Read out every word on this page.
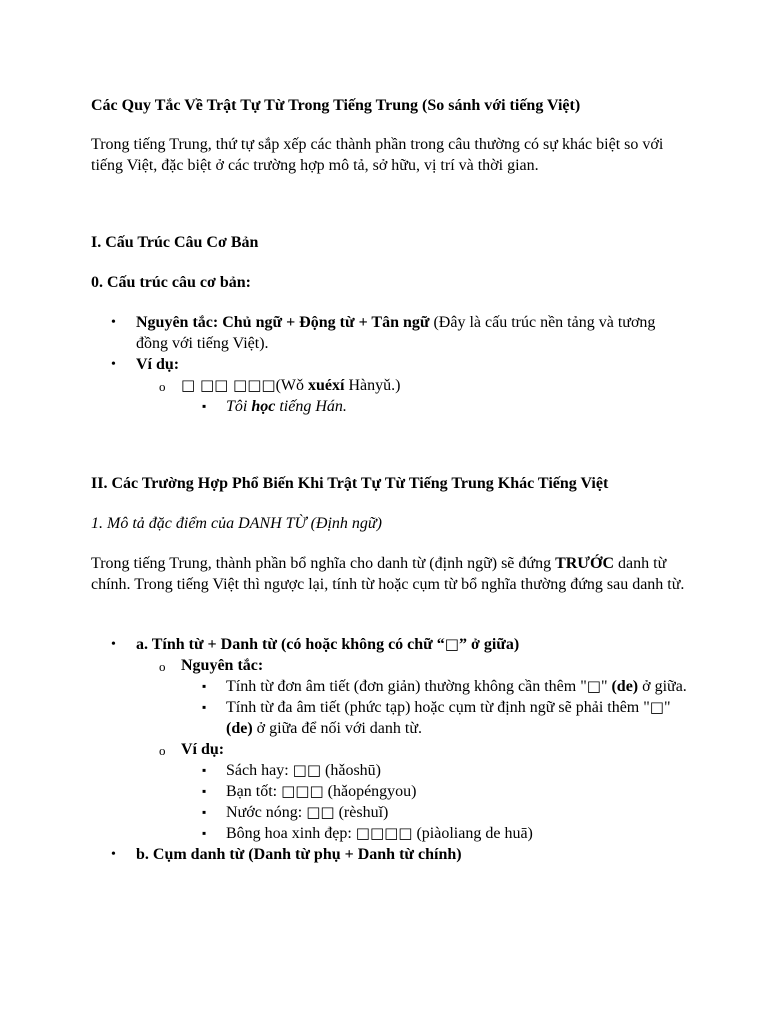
Các Quy Tắc Về Trật Tự Từ Trong Tiếng Trung (So sánh với tiếng Việt)
Trong tiếng Trung, thứ tự sắp xếp các thành phần trong câu thường có sự khác biệt so với tiếng Việt, đặc biệt ở các trường hợp mô tả, sở hữu, vị trí và thời gian.
I. Cấu Trúc Câu Cơ Bản
0. Cấu trúc câu cơ bản:
• Nguyên tắc: Chủ ngữ + Động từ + Tân ngữ (Đây là cấu trúc nền tảng và tương đồng với tiếng Việt).
• Ví dụ:
o □ □□ □□□(Wǒ xuéxí Hànyǔ.)
▪ Tôi học tiếng Hán.
II. Các Trường Hợp Phổ Biến Khi Trật Tự Từ Tiếng Trung Khác Tiếng Việt
1. Mô tả đặc điểm của DANH TỪ (Định ngữ)
Trong tiếng Trung, thành phần bổ nghĩa cho danh từ (định ngữ) sẽ đứng TRƯỚC danh từ chính. Trong tiếng Việt thì ngược lại, tính từ hoặc cụm từ bổ nghĩa thường đứng sau danh từ.
• a. Tính từ + Danh từ (có hoặc không có chữ “□” ở giữa)
o Nguyên tắc:
▪ Tính từ đơn âm tiết (đơn giản) thường không cần thêm "□" (de) ở giữa.
▪ Tính từ đa âm tiết (phức tạp) hoặc cụm từ định ngữ sẽ phải thêm "□" (de) ở giữa để nối với danh từ.
o Ví dụ:
▪ Sách hay: □□ (hǎoshū)
▪ Bạn tốt: □□□ (hǎopéngyou)
▪ Nước nóng: □□ (rèshuǐ)
▪ Bông hoa xinh đẹp: □□□□ (piàoliang de huā)
• b. Cụm danh từ (Danh từ phụ + Danh từ chính)
